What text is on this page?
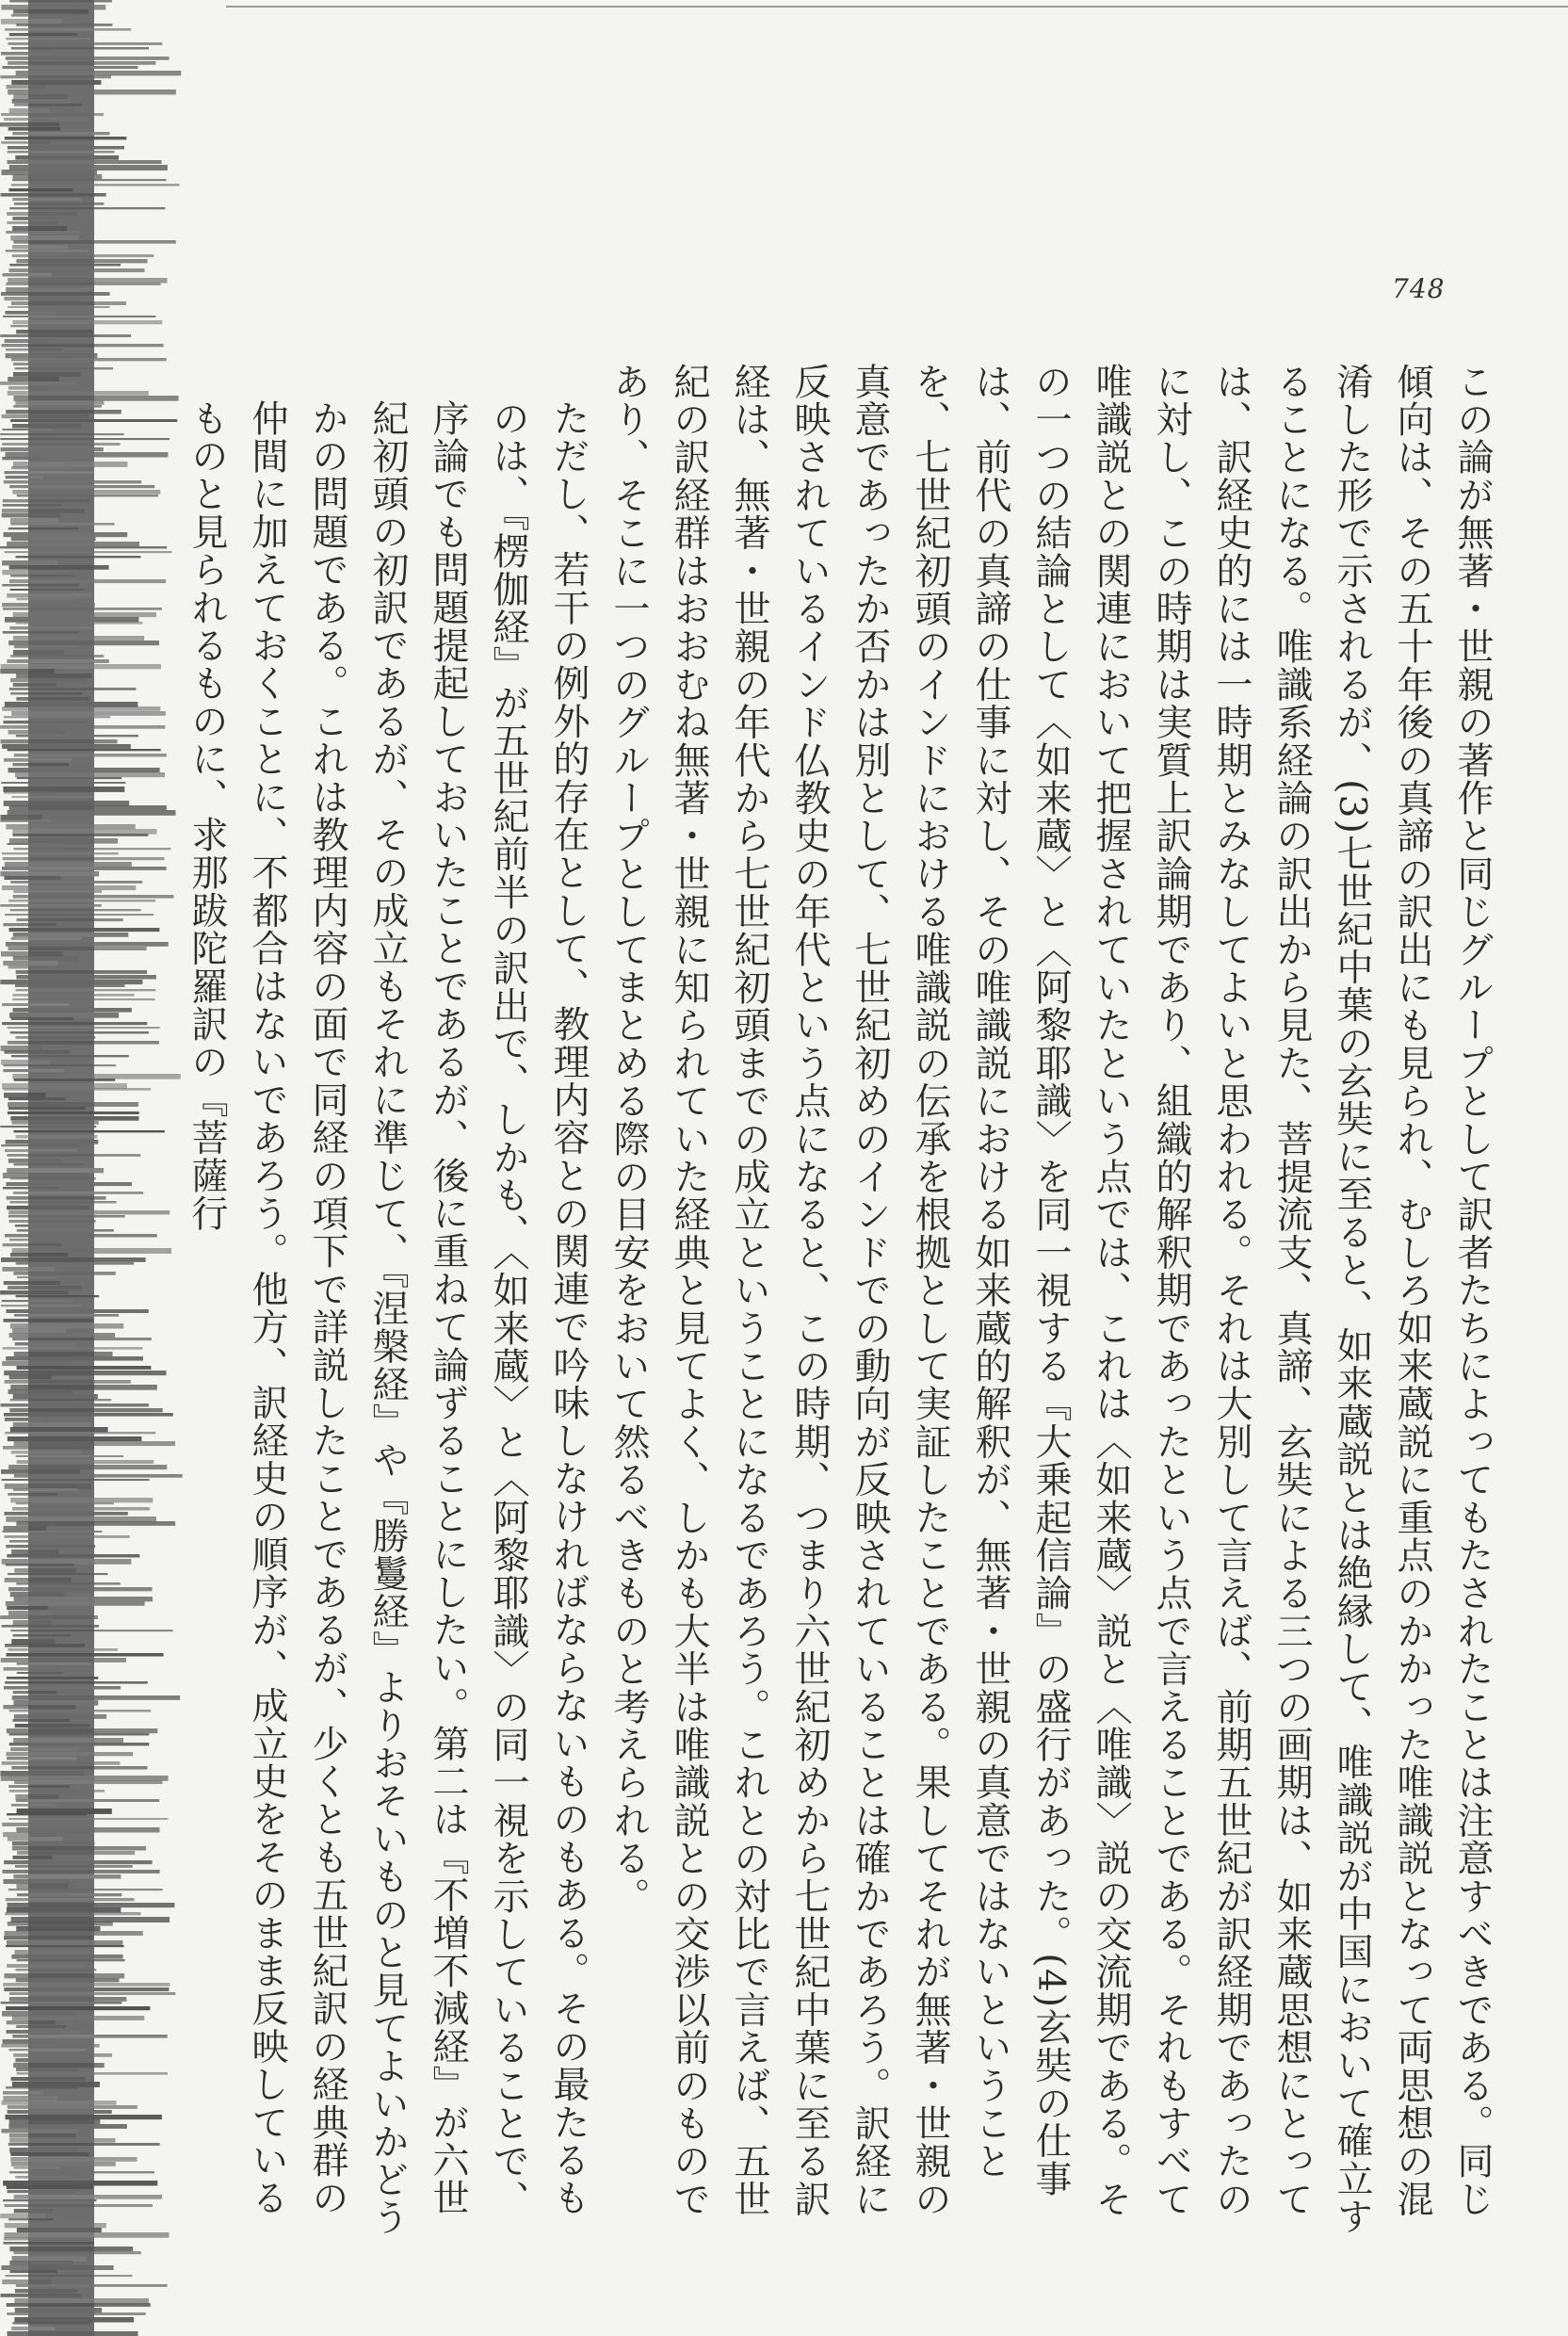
748

この論が無著・世親の著作と同じグループとして訳者たちによってもたされたことは注意すべきである。同じ傾向は、その五十年後の真諦の訳出にも見られ、むしろ如来蔵説に重点のかかった唯識説となって両思想の混淆した形で示されるが、(3)七世紀中葉の玄奘に至ると、如来蔵説とは絶縁して、唯識説が中国において確立することになる。唯識系経論の訳出から見た、菩提流支、真諦、玄奘による三つの画期は、如来蔵思想にとっては、訳経史的には一時期とみなしてよいと思われる。それは大別して言えば、前期五世紀が訳経期であったのに対し、この時期は実質上訳論期であり、組織的解釈期であったという点で言えることである。それもすべて唯識説との関連において把握されていたという点では、これは〈如来蔵〉説と〈唯識〉説の交流期である。その一つの結論として〈如来蔵〉と〈阿黎耶識〉を同一視する『大乗起信論』の盛行があった。(4)玄奘の仕事は、前代の真諦の仕事に対し、その唯識説における如来蔵的解釈が、無著・世親の真意ではないということを、七世紀初頭のインドにおける唯識説の伝承を根拠として実証したことである。果してそれが無著・世親の真意であったか否かは別として、七世紀初めのインドでの動向が反映されていることは確かであろう。訳経に反映されているインド仏教史の年代という点になると、この時期、つまり六世紀初めから七世紀中葉に至る訳経は、無著・世親の年代から七世紀初頭までの成立ということになるであろう。これとの対比で言えば、五世紀の訳経群はおおむね無著・世親に知られていた経典と見てよく、しかも大半は唯識説との交渉以前のものであり、そこに一つのグループとしてまとめる際の目安をおいて然るべきものと考えられる。

ただし、若干の例外的存在として、教理内容との関連で吟味しなければならないものもある。その最たるものは、『楞伽経』が五世紀前半の訳出で、しかも、〈如来蔵〉と〈阿黎耶識〉の同一視を示していることで、序論でも問題提起しておいたことであるが、後に重ねて論ずることにしたい。第二は『不増不減経』が六世紀初頭の初訳であるが、その成立もそれに準じて、『涅槃経』や『勝鬘経』よりおそいものと見てよいかどうかの問題である。これは教理内容の面で同経の項下で詳説したことであるが、少くとも五世紀訳の経典群の仲間に加えておくことに、不都合はないであろう。他方、訳経史の順序が、成立史をそのまま反映しているものと見られるものに、求那跋陀羅訳の『菩薩行
